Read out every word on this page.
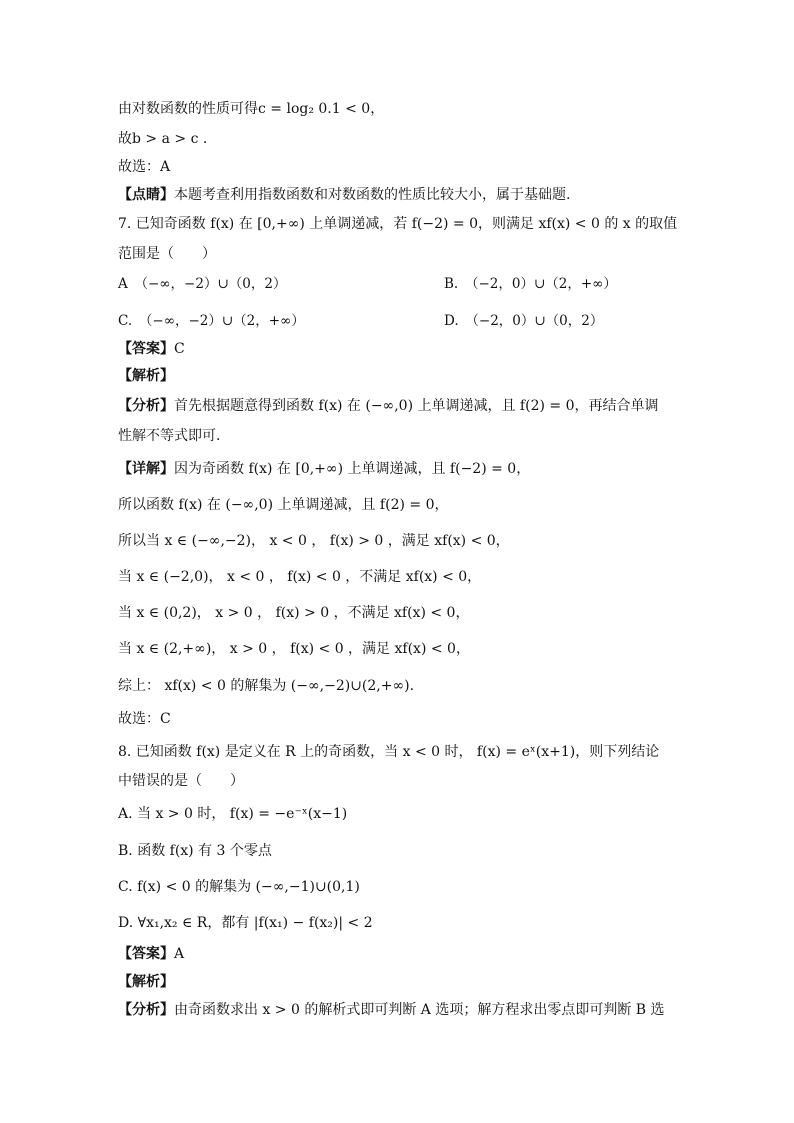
由对数函数的性质可得c = log₂ 0.1 < 0，
故b > a > c .
故选：A
【点睛】本题考查利用指数函数和对数函数的性质比较大小，属于基础题.
7. 已知奇函数 f(x) 在 [0,+∞) 上单调递减，若 f(−2) = 0，则满足 xf(x) < 0 的 x 的取值
范围是（　　）
A　（−∞，−2）∪（0，2）	B.　（−2，0）∪（2，+∞）
C.　（−∞，−2）∪（2，+∞）	D.　（−2，0）∪（0，2）
【答案】C
【解析】
【分析】首先根据题意得到函数 f(x) 在 (−∞,0) 上单调递减，且 f(2) = 0，再结合单调
性解不等式即可.
【详解】因为奇函数 f(x) 在 [0,+∞) 上单调递减，且 f(−2) = 0，
所以函数 f(x) 在 (−∞,0) 上单调递减，且 f(2) = 0，
所以当 x ∈ (−∞,−2)， x < 0 ， f(x) > 0 ，满足 xf(x) < 0，
当 x ∈ (−2,0)， x < 0 ， f(x) < 0 ，不满足 xf(x) < 0，
当 x ∈ (0,2)， x > 0 ， f(x) > 0 ，不满足 xf(x) < 0，
当 x ∈ (2,+∞)， x > 0 ， f(x) < 0 ，满足 xf(x) < 0，
综上： xf(x) < 0 的解集为 (−∞,−2)∪(2,+∞).
故选：C
8. 已知函数 f(x) 是定义在 R 上的奇函数，当 x < 0 时， f(x) = eˣ(x+1)，则下列结论
中错误的是（　　）
A. 当 x > 0 时， f(x) = −e⁻ˣ(x−1)
B. 函数 f(x) 有 3 个零点
C. f(x) < 0 的解集为 (−∞,−1)∪(0,1)
D. ∀x₁,x₂ ∈ R，都有 |f(x₁) − f(x₂)| < 2
【答案】A
【解析】
【分析】由奇函数求出 x > 0 的解析式即可判断 A 选项；解方程求出零点即可判断 B 选
